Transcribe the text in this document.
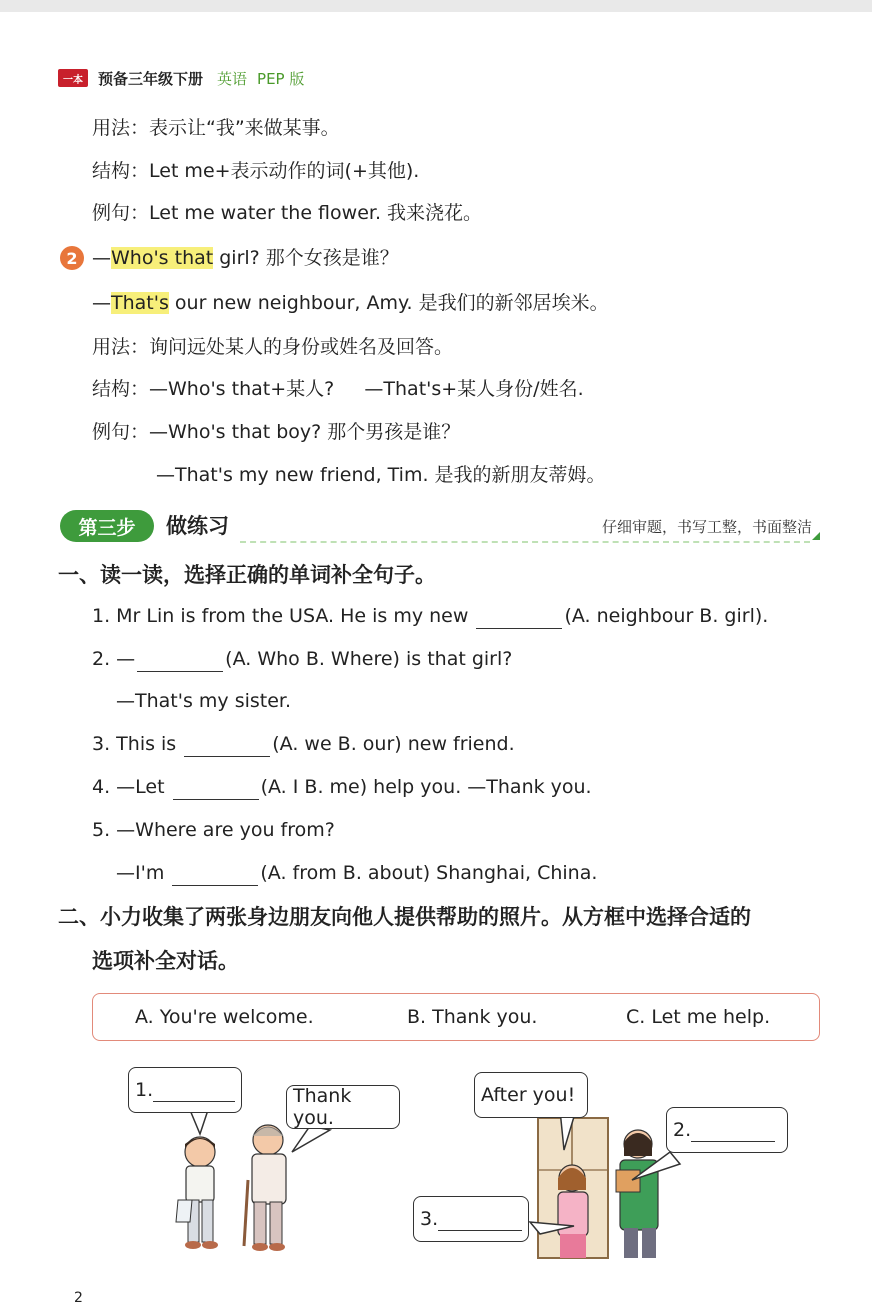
一本	预备三年级下册 英语 PEP 版
用法：表示让“我”来做某事。
结构：Let me+表示动作的词(+其他).
例句：Let me water the flower. 我来浇花。
2 —Who's that girl? 那个女孩是谁？
—That's our new neighbour, Amy. 是我们的新邻居埃米。
用法：询问远处某人的身份或姓名及回答。
结构：—Who's that+某人?     —That's+某人身份/姓名.
例句：—Who's that boy? 那个男孩是谁？
—That's my new friend, Tim. 是我的新朋友蒂姆。
第三步	做练习	仔细审题，书写工整，书面整洁
一、读一读，选择正确的单词补全句子。
1. Mr Lin is from the USA. He is my new	(A. neighbour B. girl).
2. —	(A. Who B. Where) is that girl?
—That's my sister.
3. This is	(A. we B. our) new friend.
4. —Let	(A. I B. me) help you. —Thank you.
5. —Where are you from?
—I'm	(A. from B. about) Shanghai, China.
二、小力收集了两张身边朋友向他人提供帮助的照片。从方框中选择合适的
选项补全对话。
A. You're welcome.	B. Thank you.	C. Let me help.
1.	Thank you.
After you!
2.
3.
2
